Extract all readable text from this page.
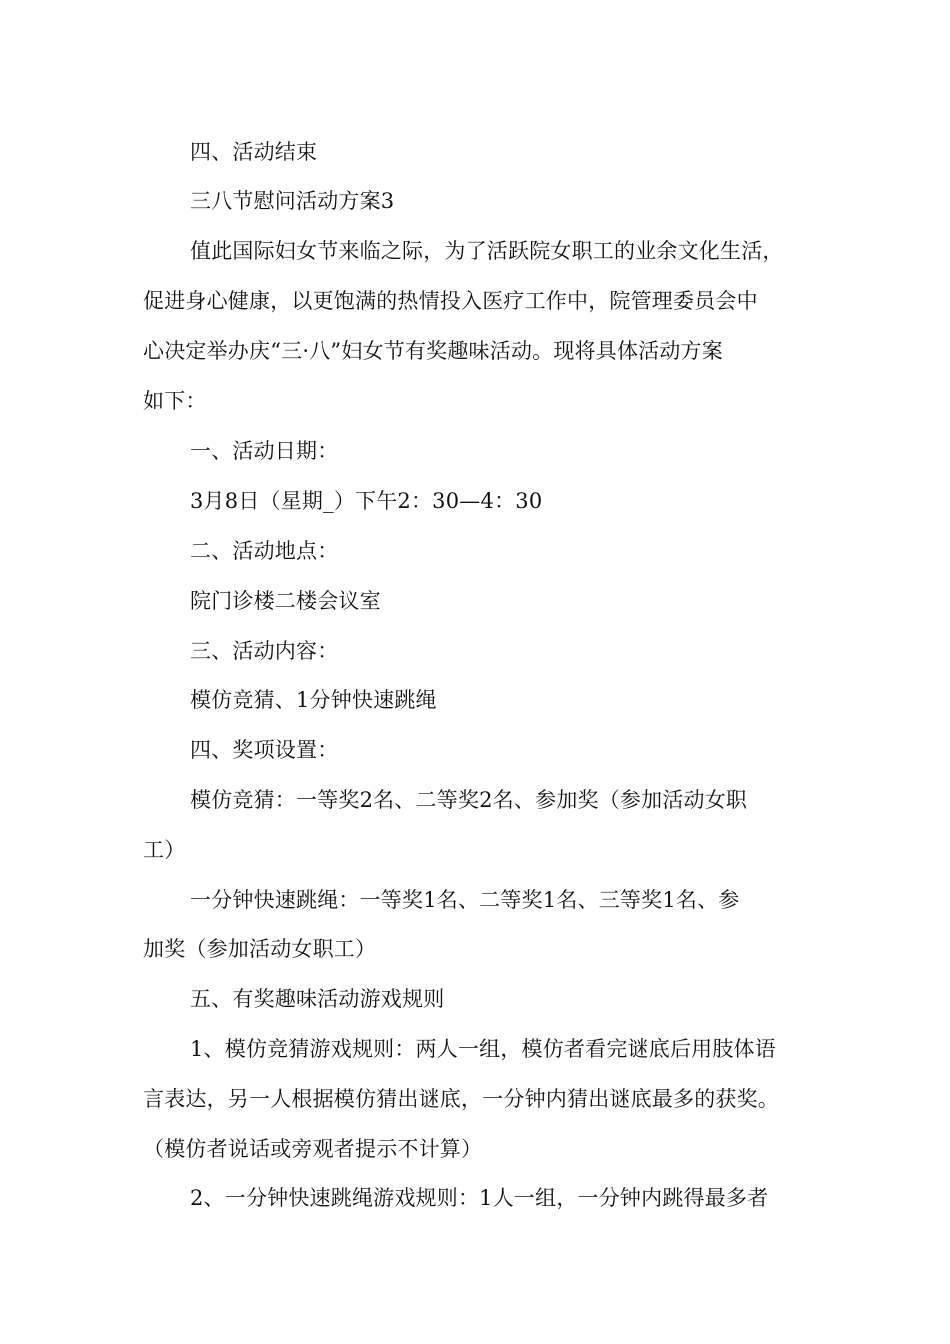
四、活动结束
三八节慰问活动方案3
值此国际妇女节来临之际，为了活跃院女职工的业余文化生活，
促进身心健康，以更饱满的热情投入医疗工作中，院管理委员会中
心决定举办庆“三·八”妇女节有奖趣味活动。现将具体活动方案
如下：
一、活动日期：
3月8日（星期_）下午2：30—4：30
二、活动地点：
院门诊楼二楼会议室
三、活动内容：
模仿竞猜、1分钟快速跳绳
四、奖项设置：
模仿竞猜：一等奖2名、二等奖2名、参加奖（参加活动女职
工）
一分钟快速跳绳：一等奖1名、二等奖1名、三等奖1名、参
加奖（参加活动女职工）
五、有奖趣味活动游戏规则
1、模仿竞猜游戏规则：两人一组，模仿者看完谜底后用肢体语
言表达，另一人根据模仿猜出谜底，一分钟内猜出谜底最多的获奖。
（模仿者说话或旁观者提示不计算）
2、一分钟快速跳绳游戏规则：1人一组，一分钟内跳得最多者
